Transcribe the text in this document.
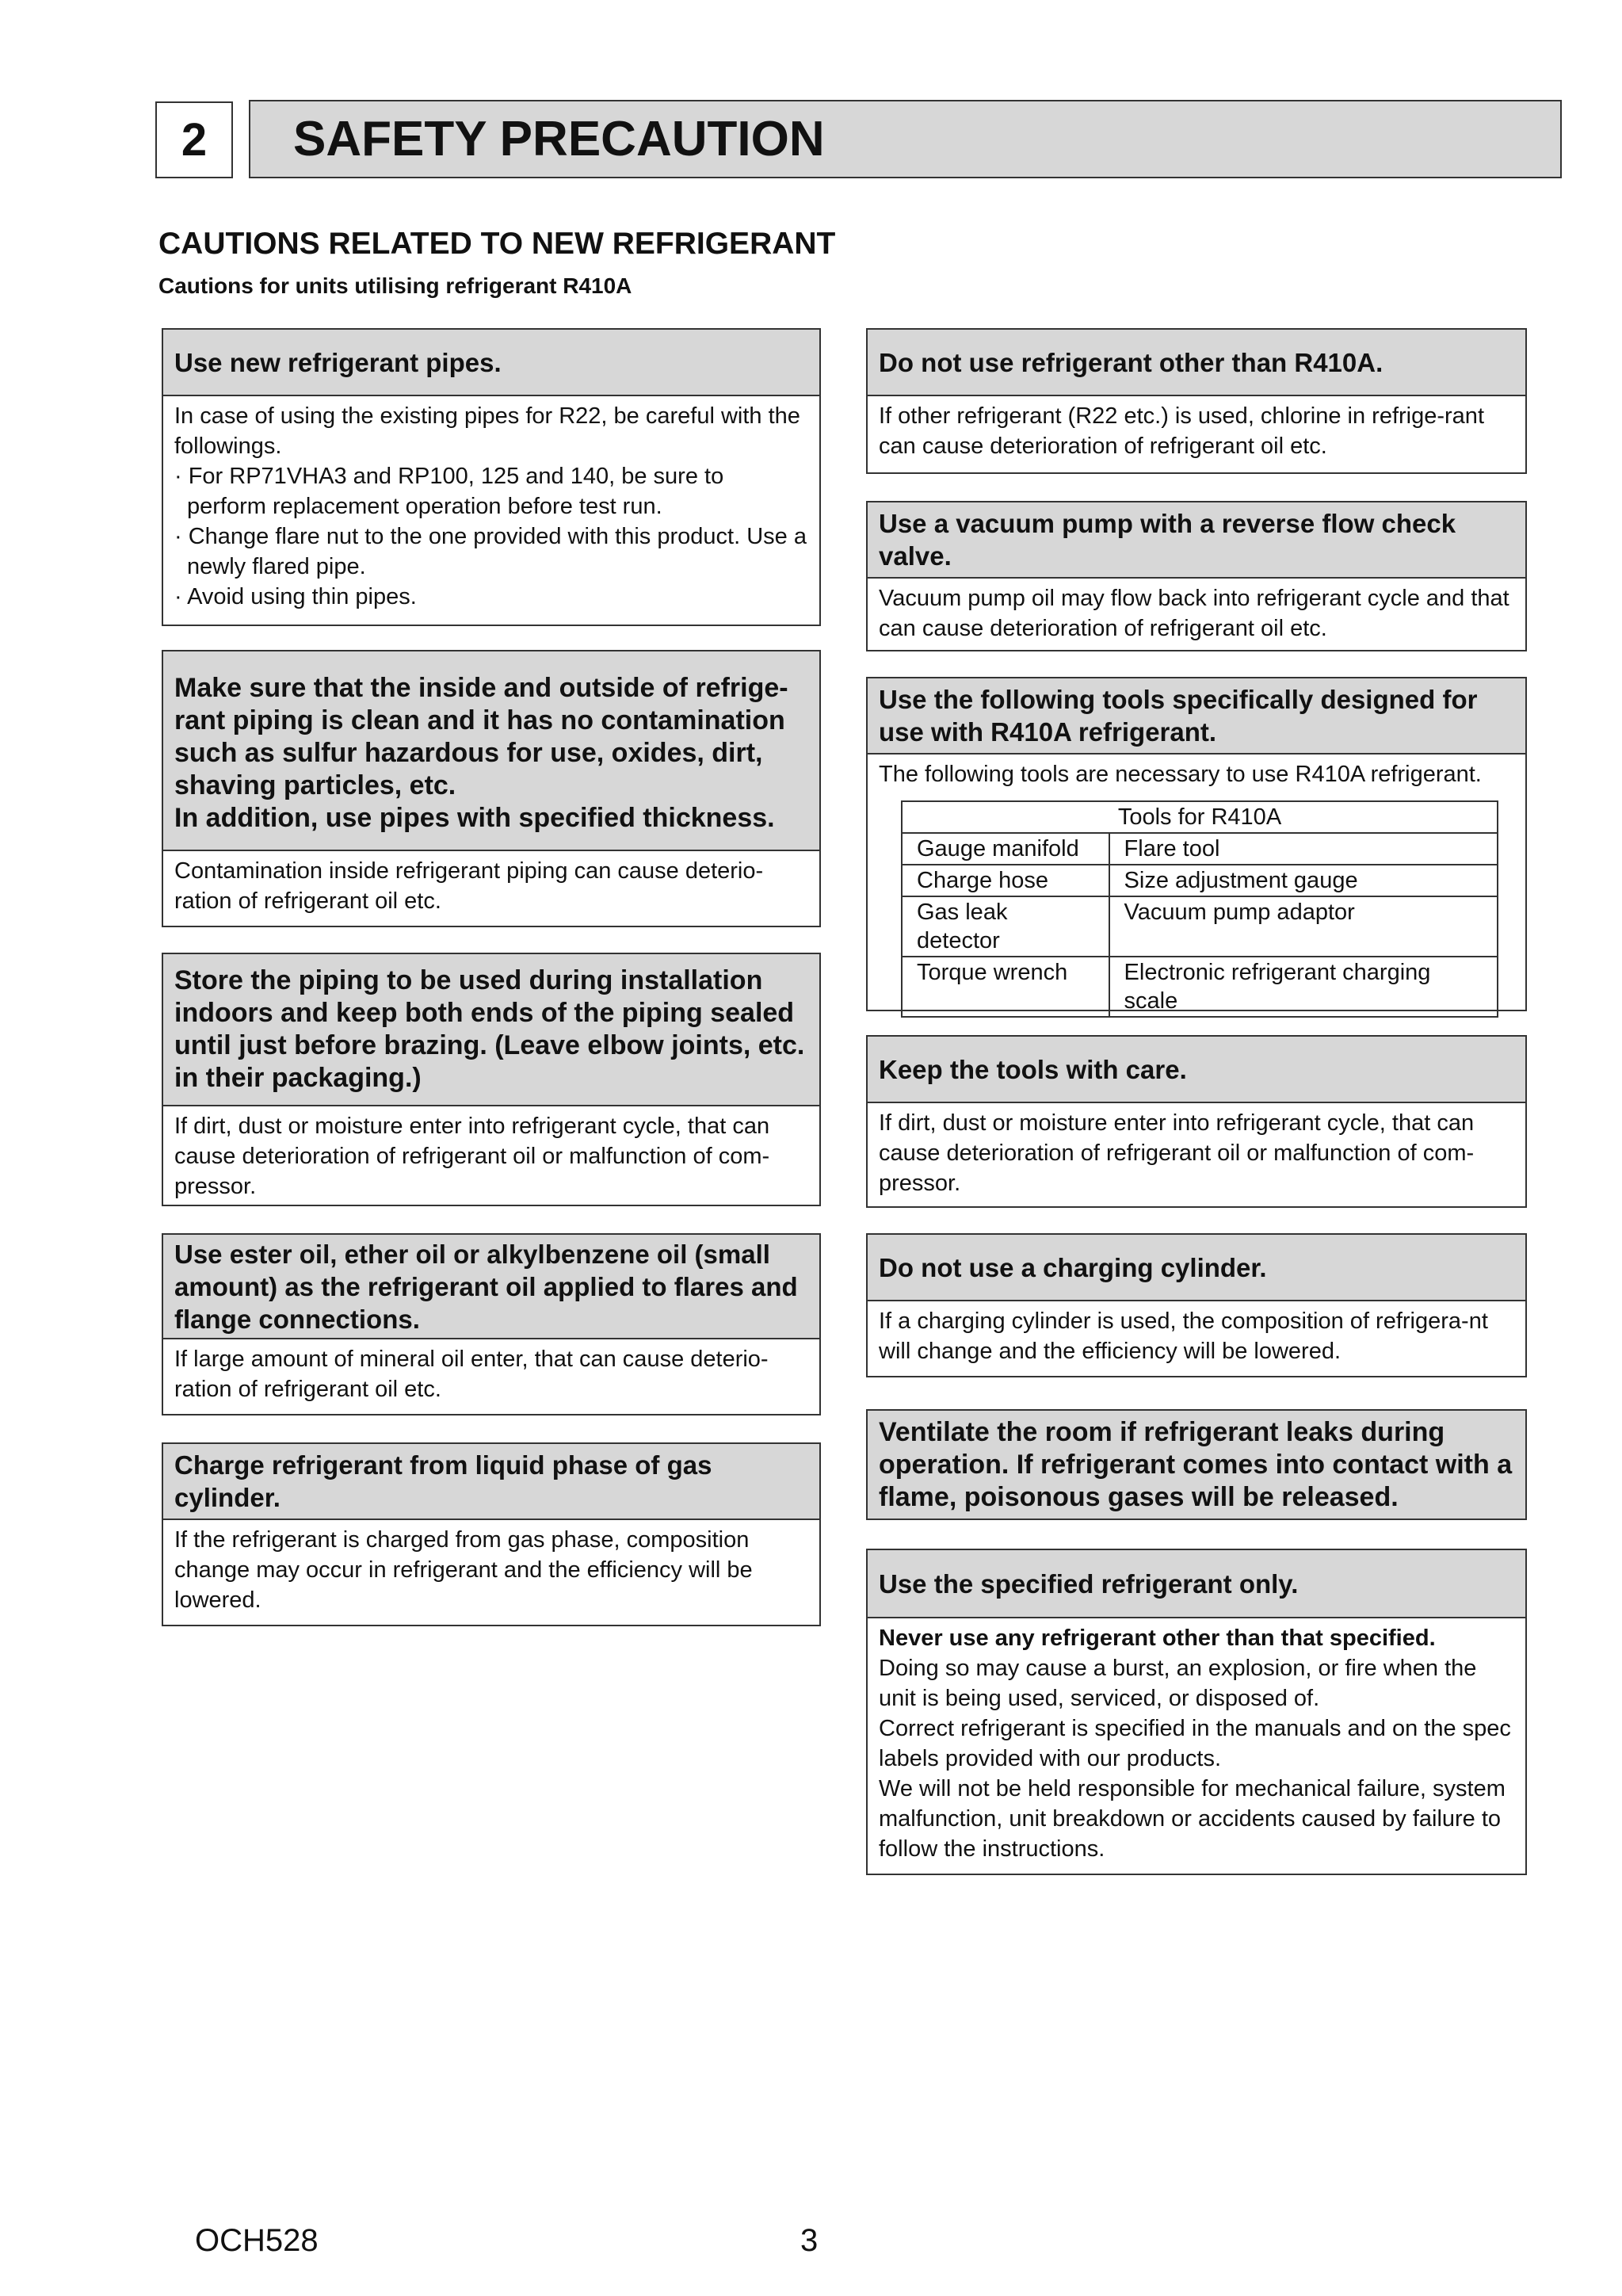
2	SAFETY PRECAUTION
CAUTIONS RELATED TO NEW REFRIGERANT
Cautions for units utilising refrigerant R410A
Use new refrigerant pipes.

In case of using the existing pipes for R22, be careful with the followings.

· For RP71VHA3 and RP100, 125 and 140, be sure to perform replacement operation before test run.

· Change flare nut to the one provided with this product. Use a newly flared pipe.

· Avoid using thin pipes.

Make sure that the inside and outside of refrige-rant piping is clean and it has no contamination such as sulfur hazardous for use, oxides, dirt, shaving particles, etc.
In addition, use pipes with specified thickness.
Contamination inside refrigerant piping can cause deterio-ration of refrigerant oil etc.
Store the piping to be used during installation indoors and keep both ends of the piping sealed until just before brazing. (Leave elbow joints, etc. in their packaging.)
If dirt, dust or moisture enter into refrigerant cycle, that can cause deterioration of refrigerant oil or malfunction of com-pressor.
Use ester oil, ether oil or alkylbenzene oil (small amount) as the refrigerant oil applied to flares and flange connections.
If large amount of mineral oil enter, that can cause deterio-ration of refrigerant oil etc.
Charge refrigerant from liquid phase of gas cylinder.
If the refrigerant is charged from gas phase, composition change may occur in refrigerant and the efficiency will be lowered.
Do not use refrigerant other than R410A.
If other refrigerant (R22 etc.) is used, chlorine in refrige-rant can cause deterioration of refrigerant oil etc.
Use a vacuum pump with a reverse flow check valve.
Vacuum pump oil may flow back into refrigerant cycle and that can cause deterioration of refrigerant oil etc.
Use the following tools specifically designed for use with R410A refrigerant.
The following tools are necessary to use R410A refrigerant.
Tools for R410A	
Gauge manifold	Flare tool
Charge hose	Size adjustment gauge
Gas leak detector	Vacuum pump adaptor
Torque wrench	Electronic refrigerant charging scale
Keep the tools with care.
If dirt, dust or moisture enter into refrigerant cycle, that can cause deterioration of refrigerant oil or malfunction of com-pressor.
Do not use a charging cylinder.
If a charging cylinder is used, the composition of refrigera-nt will change and the efficiency will be lowered.
Ventilate the room if refrigerant leaks during operation. If refrigerant comes into contact with a flame, poisonous gases will be released.
Use the specified refrigerant only.

Never use any refrigerant other than that specified.

Doing so may cause a burst, an explosion, or fire when the unit is being used, serviced, or disposed of.

Correct refrigerant is specified in the manuals and on the spec labels provided with our products.

We will not be held responsible for mechanical failure, system malfunction, unit breakdown or accidents caused by failure to follow the instructions.

OCH528	3
